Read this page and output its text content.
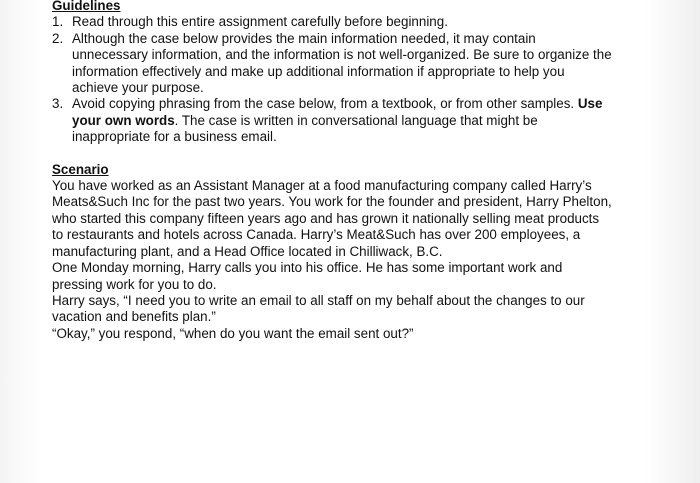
Guidelines
1. Read through this entire assignment carefully before beginning.
2. Although the case below provides the main information needed, it may contain unnecessary information, and the information is not well-organized. Be sure to organize the information effectively and make up additional information if appropriate to help you achieve your purpose.
3. Avoid copying phrasing from the case below, from a textbook, or from other samples. Use your own words. The case is written in conversational language that might be inappropriate for a business email.
Scenario

You have worked as an Assistant Manager at a food manufacturing company called Harry’s Meats&Such Inc for the past two years. You work for the founder and president, Harry Phelton, who started this company fifteen years ago and has grown it nationally selling meat products to restaurants and hotels across Canada. Harry’s Meat&Such has over 200 employees, a manufacturing plant, and a Head Office located in Chilliwack, B.C.

One Monday morning, Harry calls you into his office. He has some important work and pressing work for you to do.

Harry says, “I need you to write an email to all staff on my behalf about the changes to our vacation and benefits plan.”

“Okay,” you respond, “when do you want the email sent out?”
